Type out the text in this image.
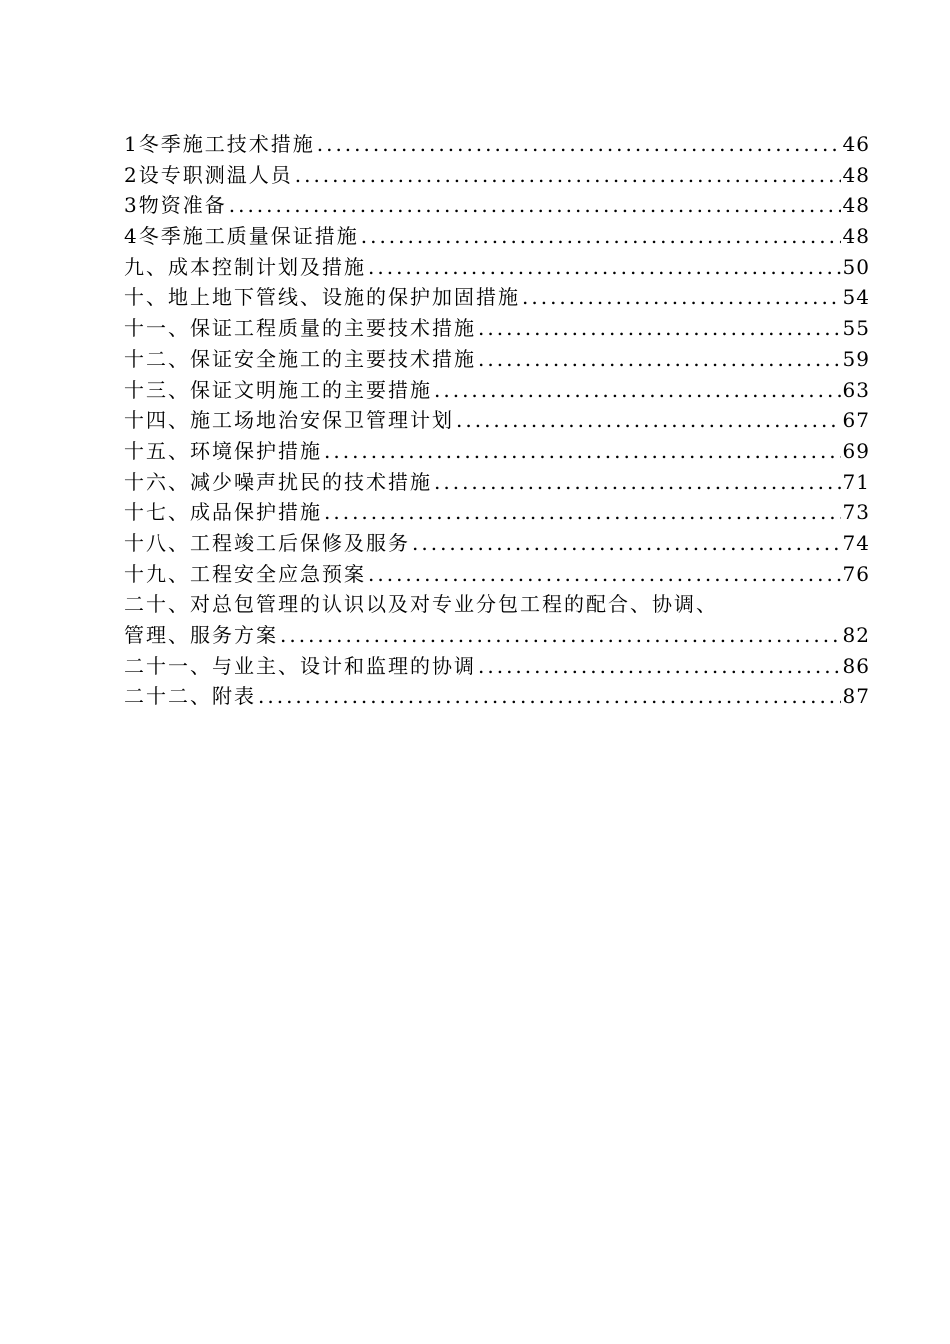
1冬季施工技术措施 .....	46
2设专职测温人员 .....	48
3物资准备 .....	48
4冬季施工质量保证措施 .....	48
九、成本控制计划及措施 .....	50
十、地上地下管线、设施的保护加固措施 .....	54
十一、保证工程质量的主要技术措施 .....	55
十二、保证安全施工的主要技术措施 .....	59
十三、保证文明施工的主要措施 .....	63
十四、施工场地治安保卫管理计划 .....	67
十五、环境保护措施 .....	69
十六、减少噪声扰民的技术措施 .....	71
十七、成品保护措施 .....	73
十八、工程竣工后保修及服务 .....	74
十九、工程安全应急预案 .....	76
二十、对总包管理的认识以及对专业分包工程的配合、协调、
管理、服务方案 .....	82
二十一、与业主、设计和监理的协调 .....	86
二十二、附表 .....	87
